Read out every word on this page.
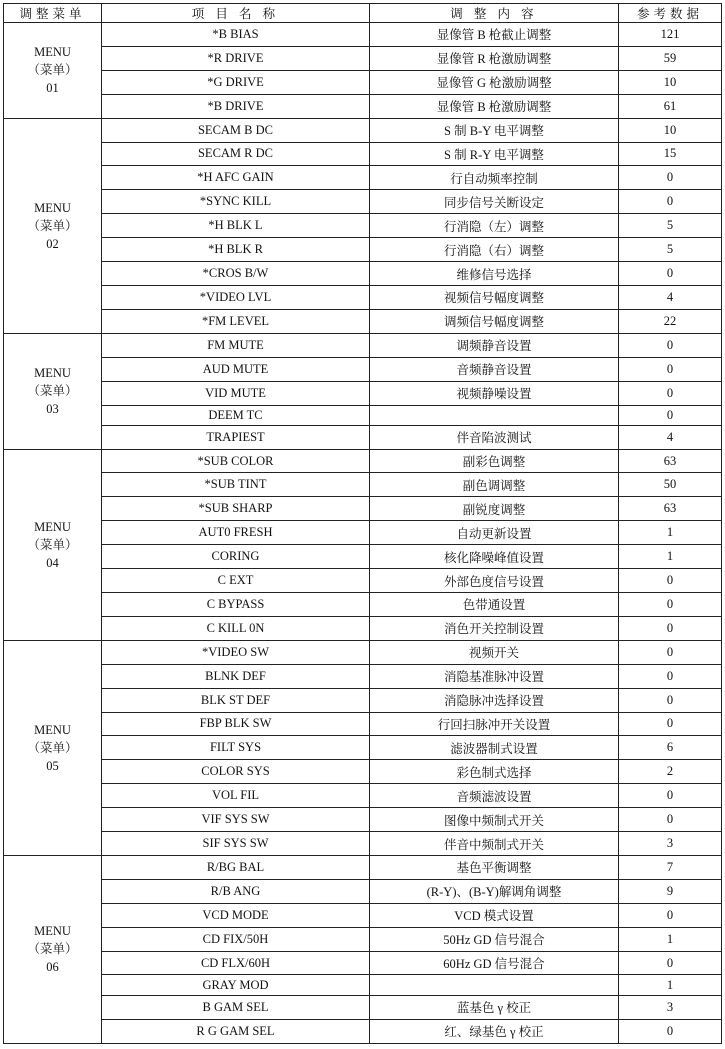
调整菜单	项 目 名 称	调 整 内 容	参考数据

MENU
（菜单）
01	*B BIAS	显像管 B 枪截止调整	121
	*R DRIVE	显像管 R 枪激励调整	59
	*G DRIVE	显像管 G 枪激励调整	10
	*B DRIVE	显像管 B 枪激励调整	61

MENU
（菜单）
02	SECAM B DC	S 制 B-Y 电平调整	10
	SECAM R DC	S 制 R-Y 电平调整	15
	*H AFC GAIN	行自动频率控制	0
	*SYNC KILL	同步信号关断设定	0
	*H BLK L	行消隐（左）调整	5
	*H BLK R	行消隐（右）调整	5
	*CROS B/W	维修信号选择	0
	*VIDEO LVL	视频信号幅度调整	4
	*FM LEVEL	调频信号幅度调整	22

MENU
（菜单）
03	FM MUTE	调频静音设置	0
	AUD MUTE	音频静音设置	0
	VID MUTE	视频静噪设置	0
	DEEM TC		0
	TRAPIEST	伴音陷波测试	4

MENU
（菜单）
04	*SUB COLOR	副彩色调整	63
	*SUB TINT	副色调调整	50
	*SUB SHARP	副锐度调整	63
	AUT0 FRESH	自动更新设置	1
	CORING	核化降噪峰值设置	1
	C EXT	外部色度信号设置	0
	C BYPASS	色带通设置	0
	C KILL 0N	消色开关控制设置	0

MENU
（菜单）
05	*VIDEO SW	视频开关	0
	BLNK DEF	消隐基准脉冲设置	0
	BLK ST DEF	消隐脉冲选择设置	0
	FBP BLK SW	行回扫脉冲开关设置	0
	FILT SYS	滤波器制式设置	6
	COLOR SYS	彩色制式选择	2
	VOL FIL	音频滤波设置	0
	VIF SYS SW	图像中频制式开关	0
	SIF SYS SW	伴音中频制式开关	3

MENU
（菜单）
06	R/BG BAL	基色平衡调整	7
	R/B ANG	(R-Y)、(B-Y)解调角调整	9
	VCD MODE	VCD 模式设置	0
	CD FIX/50H	50Hz GD 信号混合	1
	CD FLX/60H	60Hz GD 信号混合	0
	GRAY MOD		1
	B GAM SEL	蓝基色 γ 校正	3
	R G GAM SEL	红、绿基色 γ 校正	0
